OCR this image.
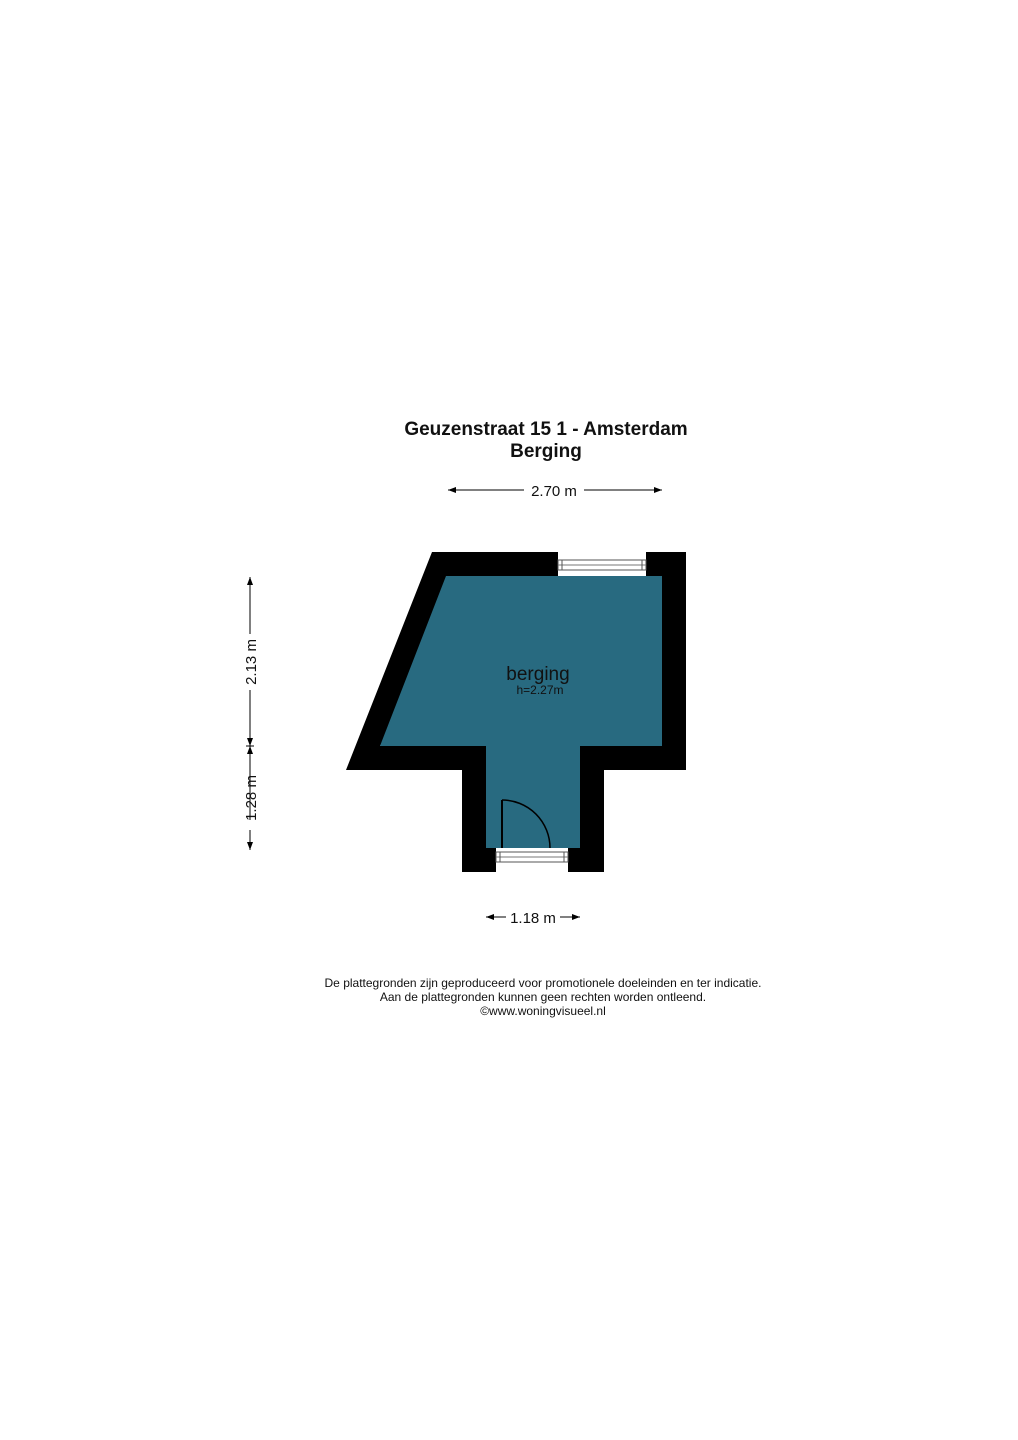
Geuzenstraat 15 1 - Amsterdam
Berging
berging
h=2.27m
2.70 m
2.13 m
1.28 m
1.18 m
De plattegronden zijn geproduceerd voor promotionele doeleinden en ter indicatie.
Aan de plattegronden kunnen geen rechten worden ontleend.
©www.woningvisueel.nl
